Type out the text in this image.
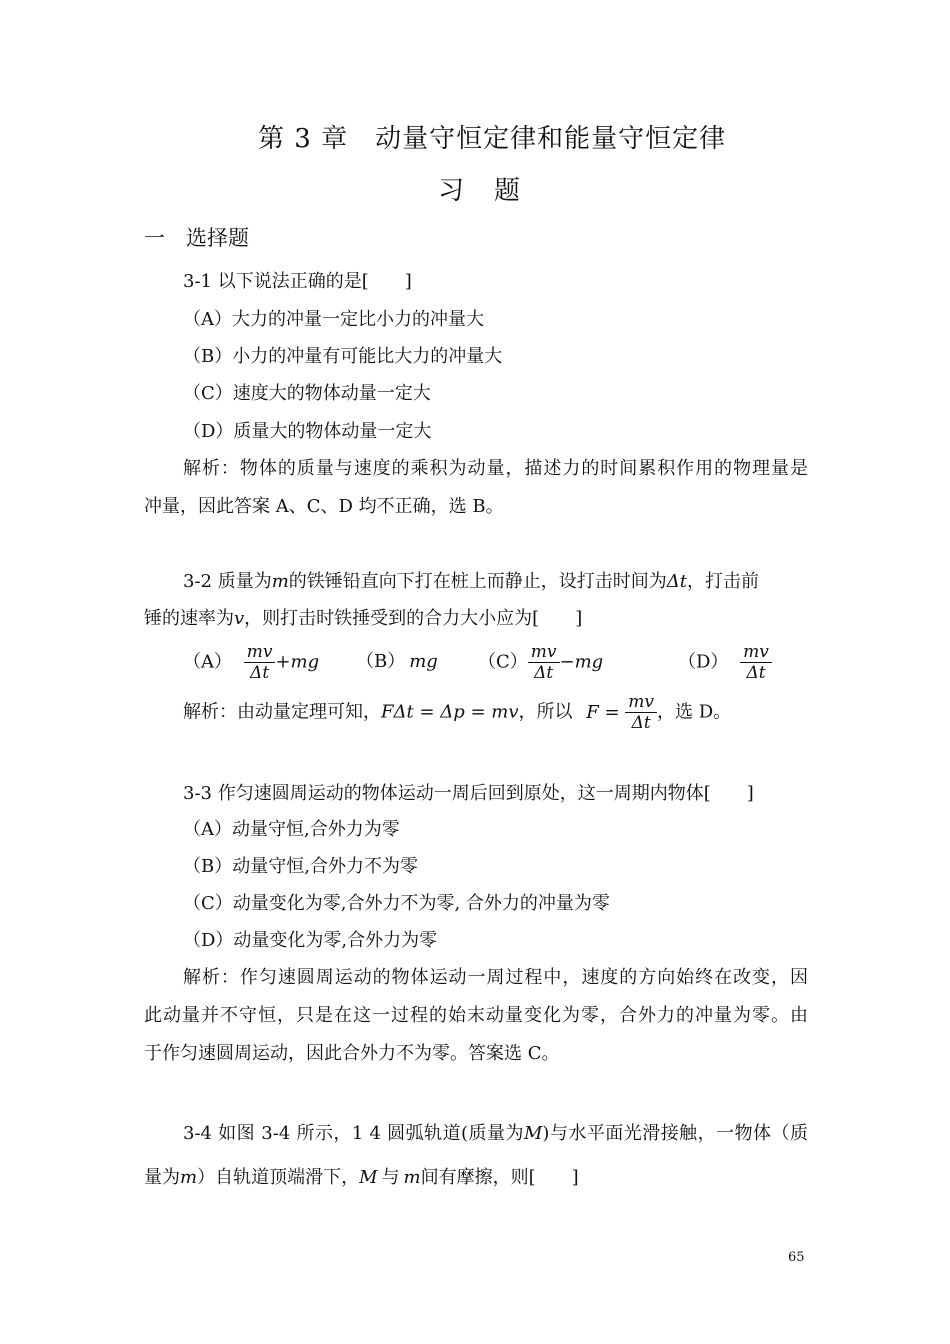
第 3 章　动量守恒定律和能量守恒定律
习　题
一　选择题
3-1 以下说法正确的是[　　]
（A）大力的冲量一定比小力的冲量大
（B）小力的冲量有可能比大力的冲量大
（C）速度大的物体动量一定大
（D）质量大的物体动量一定大
解析：物体的质量与速度的乘积为动量，描述力的时间累积作用的物理量是
冲量，因此答案 A、C、D 均不正确，选 B。
3-2 质量为m的铁锤铅直向下打在桩上而静止，设打击时间为Δt，打击前
锤的速率为v，则打击时铁捶受到的合力大小应为[　　]
$(A) \frac{mv}{\Delta t} +mg$ （B） mg $(C) \frac{mv}{\Delta t} -mg$	$(D) \frac{mv}{\Delta t}$
解析：由动量定理可知，FΔt = Δp = mv，所以 $F = \frac{mv}{\Delta t}$ ，选 D。
3-3 作匀速圆周运动的物体运动一周后回到原处，这一周期内物体[　　]
（A）动量守恒,合外力为零
（B）动量守恒,合外力不为零
（C）动量变化为零,合外力不为零, 合外力的冲量为零
（D）动量变化为零,合外力为零
解析：作匀速圆周运动的物体运动一周过程中，速度的方向始终在改变，因
此动量并不守恒，只是在这一过程的始末动量变化为零，合外力的冲量为零。由
于作匀速圆周运动，因此合外力不为零。答案选 C。
3-4 如图 3-4 所示，1 4 圆弧轨道(质量为M)与水平面光滑接触，一物体（质
量为m）自轨道顶端滑下，M 与 m间有摩擦，则[　　]
65
